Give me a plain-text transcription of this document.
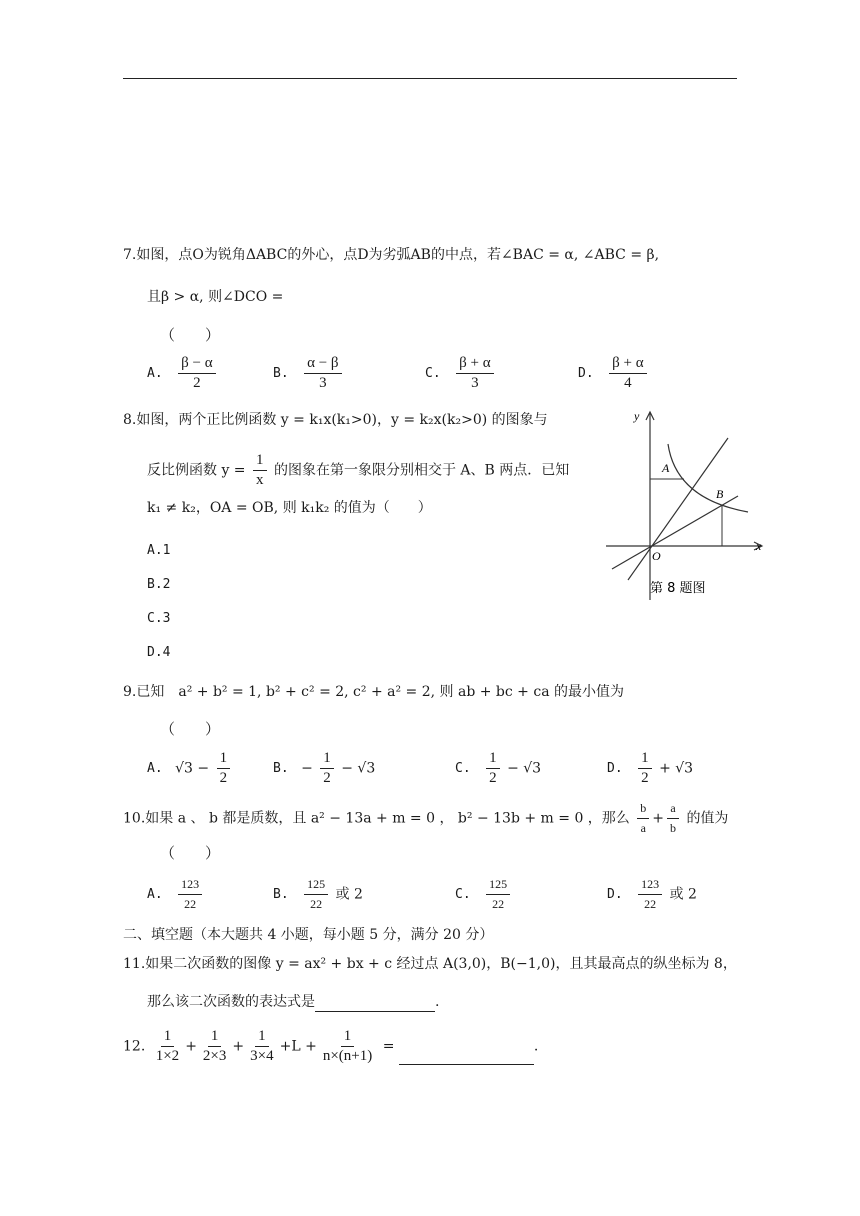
7.如图，点O为锐角ΔABC的外心，点D为劣弧AB的中点，若∠BAC = α, ∠ABC = β,
且β > α, 则∠DCO =
（　　）
A. $\frac{\beta - \alpha}{2}$	B. $\frac{\alpha - \beta}{3}$	C. $\frac{\beta + \alpha}{3}$	D. $\frac{\beta + \alpha}{4}$
8.如图，两个正比例函数 y = k₁x(k₁>0)，y = k₂x(k₂>0) 的图象与
反比例函数 $y = \frac{1}{x}$ 的图象在第一象限分别相交于 A、B 两点．已知
k₁ ≠ k₂，OA = OB, 则 k₁k₂ 的值为（　　）
A.1
B.2
C.3
D.4
A
B
O
y
x
第 8 题图
9.已知　a² + b² = 1, b² + c² = 2, c² + a² = 2, 则 ab + bc + ca 的最小值为
（　　）
A. $√3 - \frac{1}{2}$	B. − $\frac{1}{2} - √3$	C. $\frac{1}{2} - √3$	D. $\frac{1}{2} + √3$
10.如果 a 、 b 都是质数，且 a² − 13a + m = 0 ， b² − 13b + m = 0 ，那么 $\frac{b}{a} + \frac{a}{b}$ 的值为
（　　）
A. $\frac{123}{22}$	B. $\frac{125}{22}$ 或 2	C. $\frac{125}{22}$	D. $\frac{123}{22}$ 或 2
二、填空题（本大题共 4 小题，每小题 5 分，满分 20 分）
11.如果二次函数的图像 y = ax² + bx + c 经过点 A(3,0)，B(−1,0)，且其最高点的纵坐标为 8，
那么该二次函数的表达式是	.
12. $\frac{1}{1\times 2} + \frac{1}{2\times 3} + \frac{1}{3\times 4} +L + \frac{1}{n\times(n+1)}$ =	.
